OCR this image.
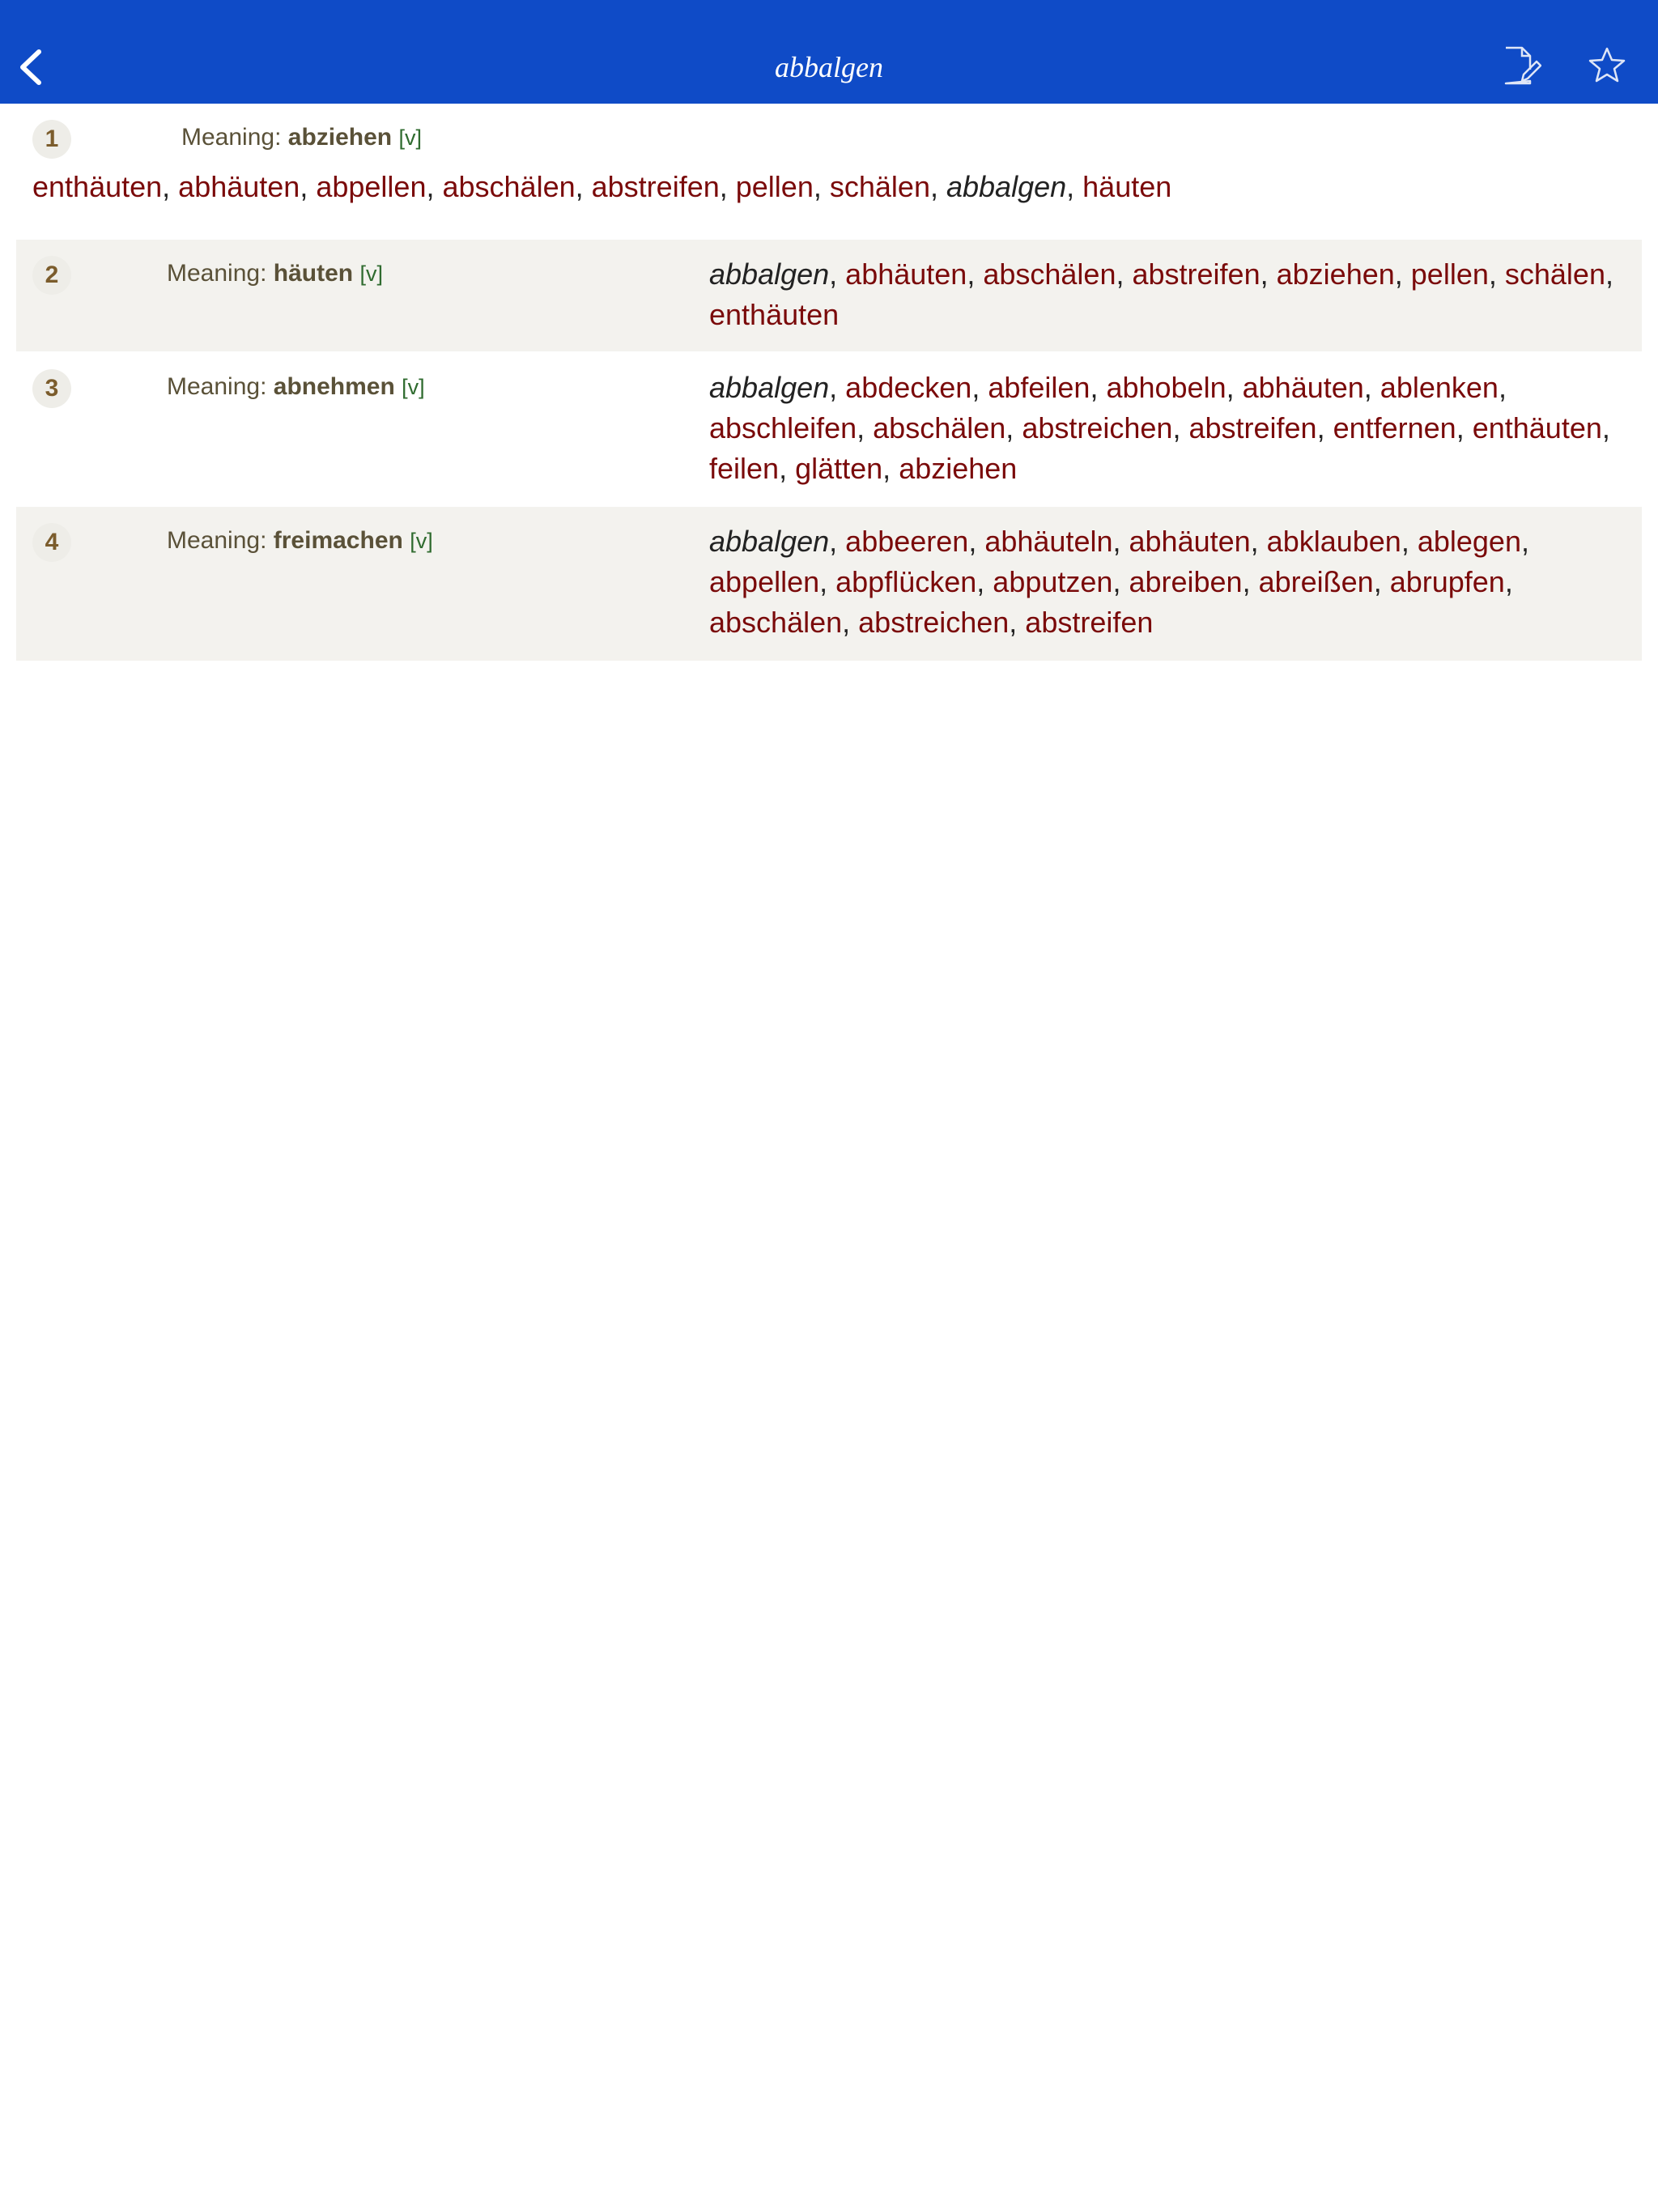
abbalgen
1	Meaning: abziehen [v]
enthäuten, abhäuten, abpellen, abschälen, abstreifen, pellen, schälen, abbalgen, häuten
2	Meaning: häuten [v]	abbalgen, abhäuten, abschälen, abstreifen, abziehen, pellen, schälen, enthäuten
3	Meaning: abnehmen [v]	abbalgen, abdecken, abfeilen, abhobeln, abhäuten, ablenken, abschleifen, abschälen, abstreichen, abstreifen, entfernen, enthäuten, feilen, glätten, abziehen
4	Meaning: freimachen [v]	abbalgen, abbeeren, abhäuteln, abhäuten, abklauben, ablegen, abpellen, abpflücken, abputzen, abreiben, abreißen, abrupfen, abschälen, abstreichen, abstreifen
